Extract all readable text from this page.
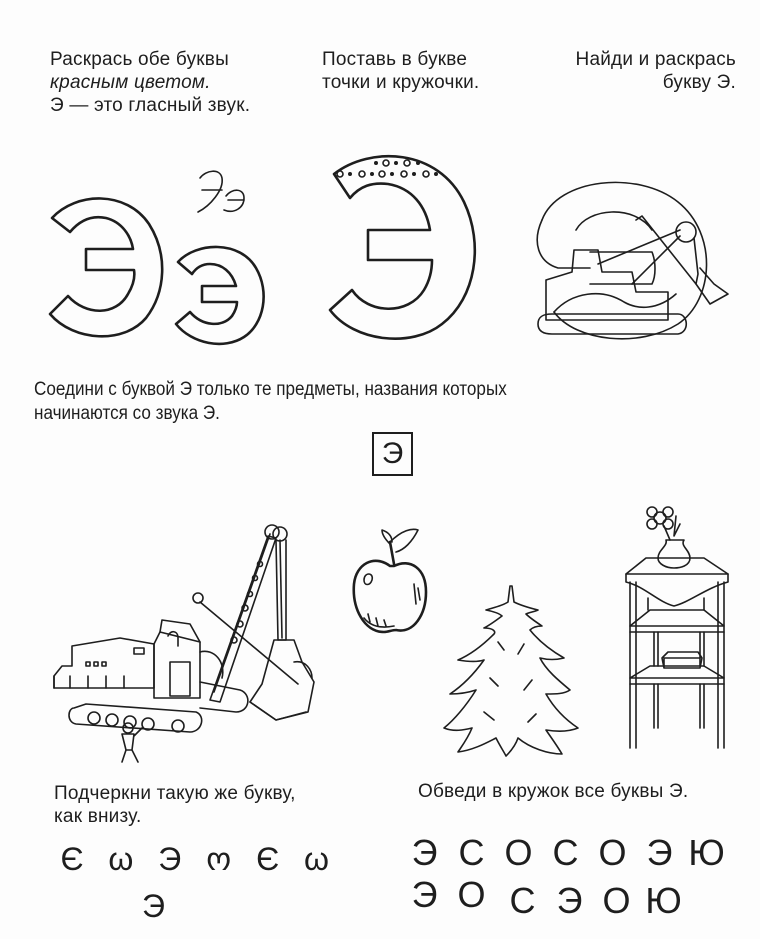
Раскрась обе буквы
красным цветом.
Э — это гласный звук.
Поставь в букве
точки и кружочки.
Найди и раскрась
букву Э.
Соедини с буквой Э только те предметы, названия которых
начинаются со звука Э.
Э
Подчеркни такую же букву,
как внизу.
Є ω Э ო Є ω
Э
Обведи в кружок все буквы Э.
Э С О С О Э Ю Э О С Э О Ю
